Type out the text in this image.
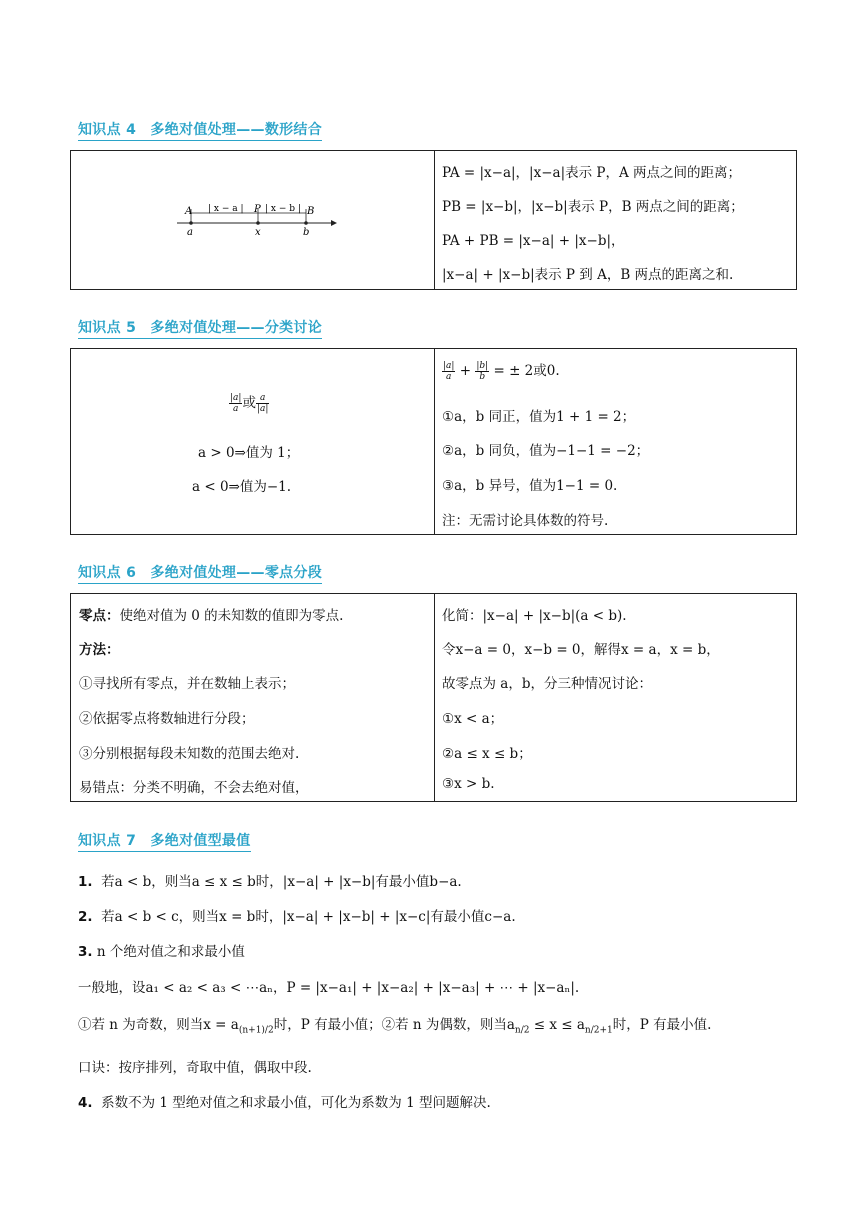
知识点 4　多绝对值处理——数形结合
A	P	B
| x − a | | x − b |
a	x	b
PA = |x−a|，|x−a|表示 P，A 两点之间的距离；
PB = |x−b|，|x−b|表示 P，B 两点之间的距离；
PA + PB = |x−a| + |x−b|，
|x−a| + |x−b|表示 P 到 A，B 两点的距离之和.
知识点 5　多绝对值处理——分类讨论
$\frac{|a|}{a}$ 或 $\frac{a}{|a|}$
a > 0⇒值为 1；
a < 0⇒值为−1.
$\frac{|a|}{a} + \frac{|b|}{b}$ = ± 2或0.
①a，b 同正，值为1 + 1 = 2；
②a，b 同负，值为−1−1 = −2；
③a，b 异号，值为1−1 = 0.
注：无需讨论具体数的符号.
知识点 6　多绝对值处理——零点分段
零点：使绝对值为 0 的未知数的值即为零点.
方法：
①寻找所有零点，并在数轴上表示；
②依据零点将数轴进行分段；
③分别根据每段未知数的范围去绝对.
易错点：分类不明确，不会去绝对值，
化简：|x−a| + |x−b|(a < b).
令x−a = 0，x−b = 0，解得x = a，x = b，
故零点为 a，b，分三种情况讨论：
①x < a；
②a ≤ x ≤ b；
③x > b.
知识点 7　多绝对值型最值
1. 若a < b，则当a ≤ x ≤ b时，|x−a| + |x−b|有最小值b−a.
2. 若a < b < c，则当x = b时，|x−a| + |x−b| + |x−c|有最小值c−a.
3. n 个绝对值之和求最小值
一般地，设a₁ < a₂ < a₃ < ⋯aₙ，P = |x−a₁| + |x−a₂| + |x−a₃| + ⋯ + |x−aₙ|.
①若 n 为奇数，则当$x = a_{(n+1)/2}$时，P 有最小值；②若 n 为偶数，则当$a_{n/2} \le x \le a_{n/2+1}$时，P 有最小值.
口诀：按序排列，奇取中值，偶取中段.
4. 系数不为 1 型绝对值之和求最小值，可化为系数为 1 型问题解决.
